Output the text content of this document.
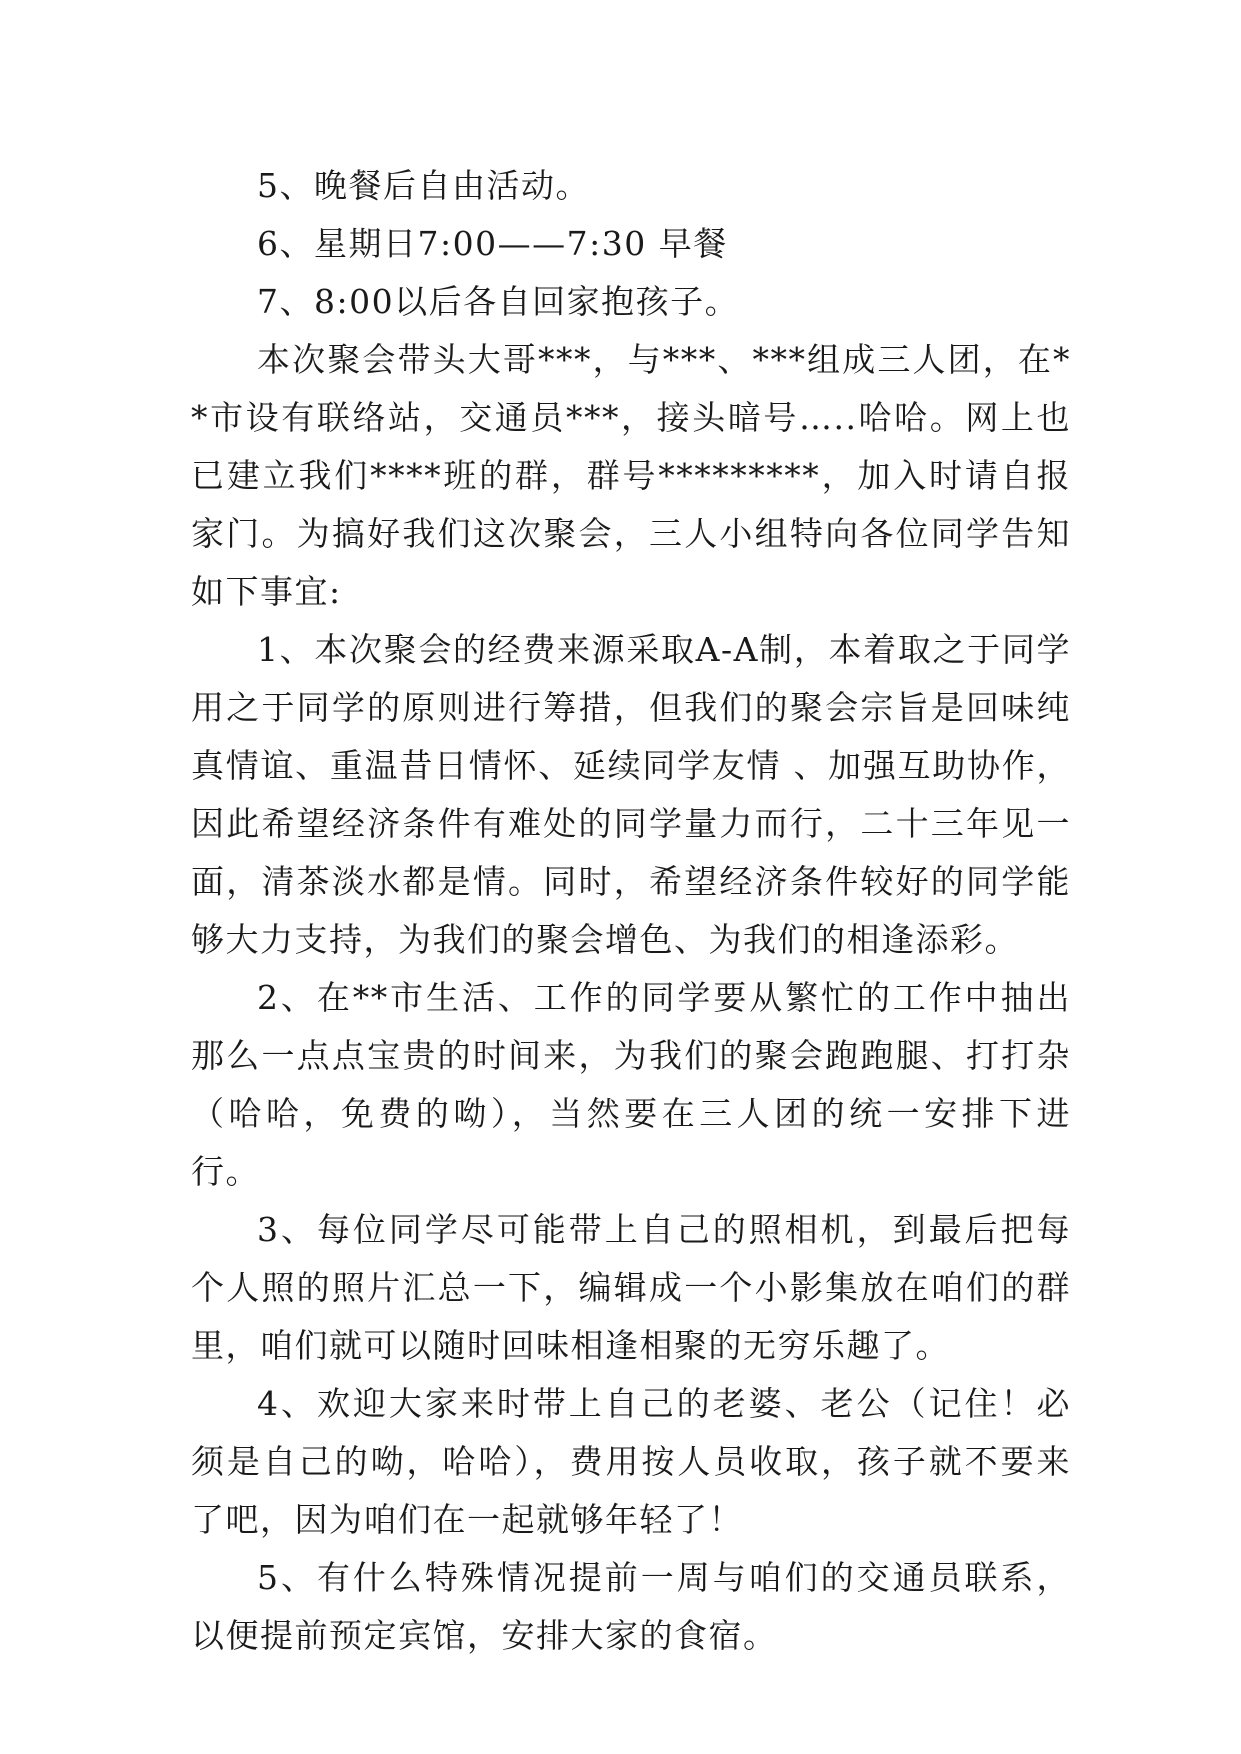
5、晚餐后自由活动。

6、星期日7:00——7:30 早餐

7、8:00以后各自回家抱孩子。

本次聚会带头大哥***，与***、***组成三人团，在**市设有联络站，交通员***，接头暗号…..哈哈。网上也已建立我们****班的群，群号*********，加入时请自报家门。为搞好我们这次聚会，三人小组特向各位同学告知如下事宜:

1、本次聚会的经费来源采取A-A制，本着取之于同学用之于同学的原则进行筹措，但我们的聚会宗旨是回味纯真情谊、重温昔日情怀、延续同学友情 、加强互助协作，因此希望经济条件有难处的同学量力而行，二十三年见一面，清茶淡水都是情。同时，希望经济条件较好的同学能够大力支持，为我们的聚会增色、为我们的相逢添彩。

2、在**市生活、工作的同学要从繁忙的工作中抽出那么一点点宝贵的时间来，为我们的聚会跑跑腿、打打杂（哈哈，免费的呦），当然要在三人团的统一安排下进行。

3、每位同学尽可能带上自己的照相机，到最后把每个人照的照片汇总一下，编辑成一个小影集放在咱们的群里，咱们就可以随时回味相逢相聚的无穷乐趣了。

4、欢迎大家来时带上自己的老婆、老公（记住！必须是自己的呦，哈哈），费用按人员收取，孩子就不要来了吧，因为咱们在一起就够年轻了！

5、有什么特殊情况提前一周与咱们的交通员联系，以便提前预定宾馆，安排大家的食宿。
